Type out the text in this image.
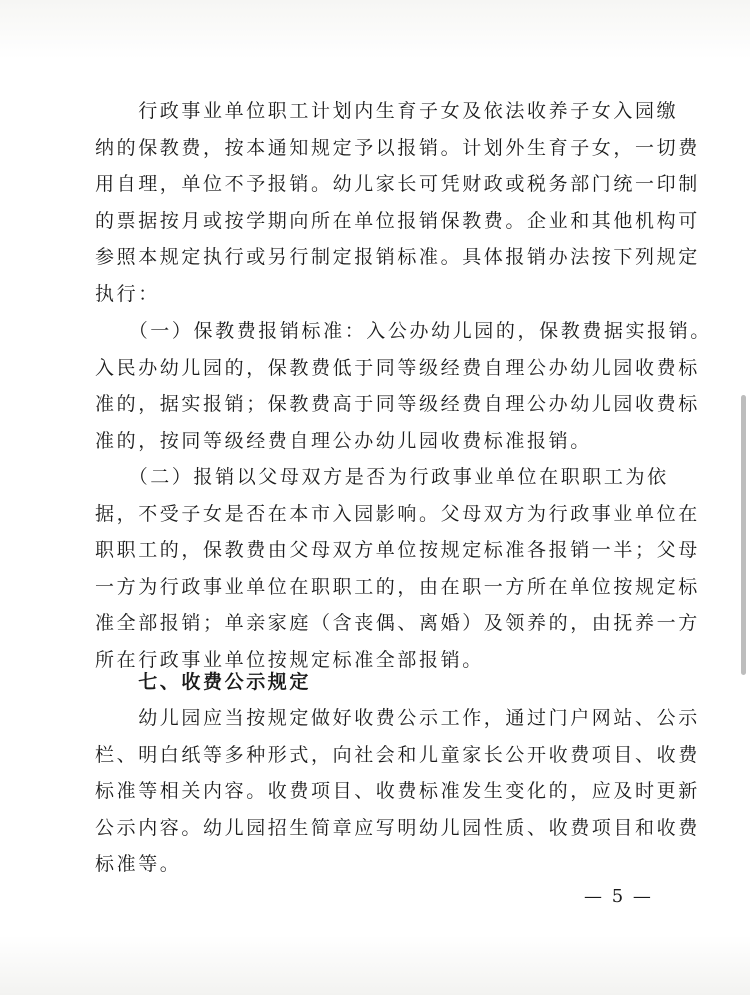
　　行政事业单位职工计划内生育子女及依法收养子女入园缴
纳的保教费，按本通知规定予以报销。计划外生育子女，一切费
用自理，单位不予报销。幼儿家长可凭财政或税务部门统一印制
的票据按月或按学期向所在单位报销保教费。企业和其他机构可
参照本规定执行或另行制定报销标准。具体报销办法按下列规定
执行：
　　（一）保教费报销标准：入公办幼儿园的，保教费据实报销。
入民办幼儿园的，保教费低于同等级经费自理公办幼儿园收费标
准的，据实报销；保教费高于同等级经费自理公办幼儿园收费标
准的，按同等级经费自理公办幼儿园收费标准报销。
　　（二）报销以父母双方是否为行政事业单位在职职工为依
据，不受子女是否在本市入园影响。父母双方为行政事业单位在
职职工的，保教费由父母双方单位按规定标准各报销一半；父母
一方为行政事业单位在职职工的，由在职一方所在单位按规定标
准全部报销；单亲家庭（含丧偶、离婚）及领养的，由抚养一方
所在行政事业单位按规定标准全部报销。
　　七、收费公示规定
　　幼儿园应当按规定做好收费公示工作，通过门户网站、公示
栏、明白纸等多种形式，向社会和儿童家长公开收费项目、收费
标准等相关内容。收费项目、收费标准发生变化的，应及时更新
公示内容。幼儿园招生简章应写明幼儿园性质、收费项目和收费
标准等。
— 5 —
